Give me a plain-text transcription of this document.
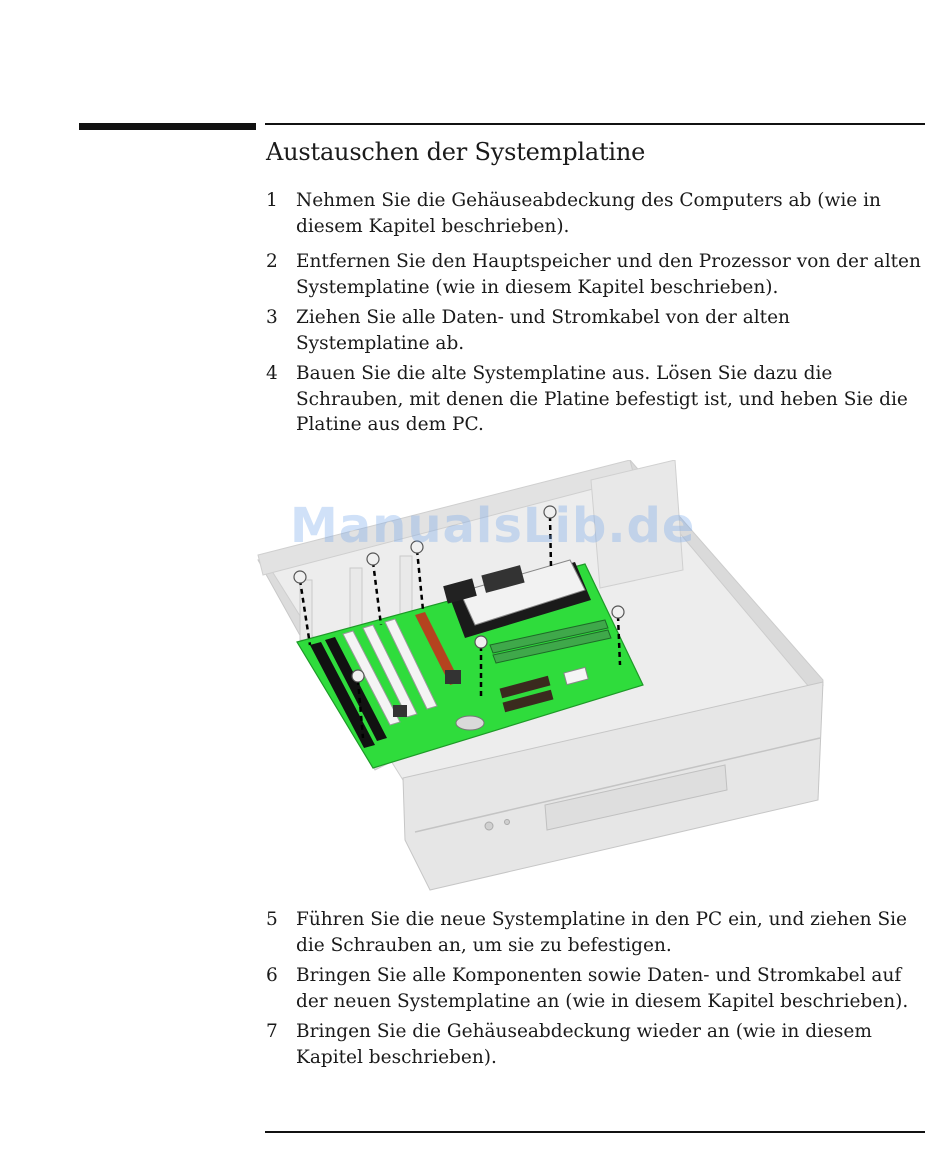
Austauschen der Systemplatine
1 Nehmen Sie die Gehäuseabdeckung des Computers ab (wie in diesem Kapitel beschrieben).
2 Entfernen Sie den Hauptspeicher und den Prozessor von der alten Systemplatine (wie in diesem Kapitel beschrieben).
3 Ziehen Sie alle Daten- und Stromkabel von der alten Systemplatine ab.
4 Bauen Sie die alte Systemplatine aus. Lösen Sie dazu die Schrauben, mit denen die Platine befestigt ist, und heben Sie die Platine aus dem PC.
ManualsLib.de
5 Führen Sie die neue Systemplatine in den PC ein, und ziehen Sie die Schrauben an, um sie zu befestigen.
6 Bringen Sie alle Komponenten sowie Daten- und Stromkabel auf der neuen Systemplatine an (wie in diesem Kapitel beschrieben).
7 Bringen Sie die Gehäuseabdeckung wieder an (wie in diesem Kapitel beschrieben).
